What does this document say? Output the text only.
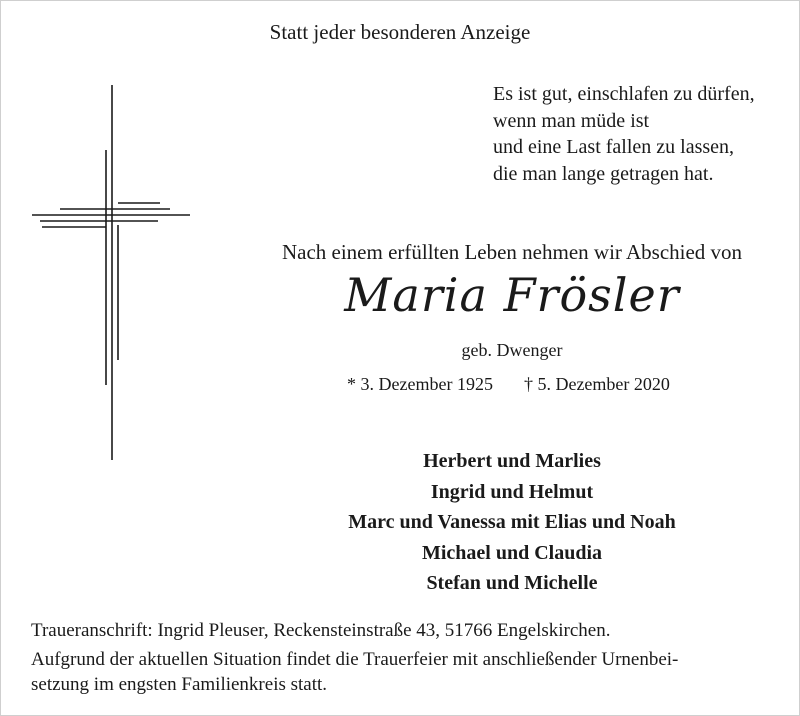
Statt jeder besonderen Anzeige
Es ist gut, einschlafen zu dürfen,
wenn man müde ist
und eine Last fallen zu lassen,
die man lange getragen hat.
Nach einem erfüllten Leben nehmen wir Abschied von
Maria Frösler
geb. Dwenger
* 3. Dezember 1925 † 5. Dezember 2020
Herbert und Marlies
Ingrid und Helmut
Marc und Vanessa mit Elias und Noah
Michael und Claudia
Stefan und Michelle
Traueranschrift: Ingrid Pleuser, Reckensteinstraße 43, 51766 Engelskirchen.
Aufgrund der aktuellen Situation findet die Trauerfeier mit anschließender Urnenbei-
setzung im engsten Familienkreis statt.
